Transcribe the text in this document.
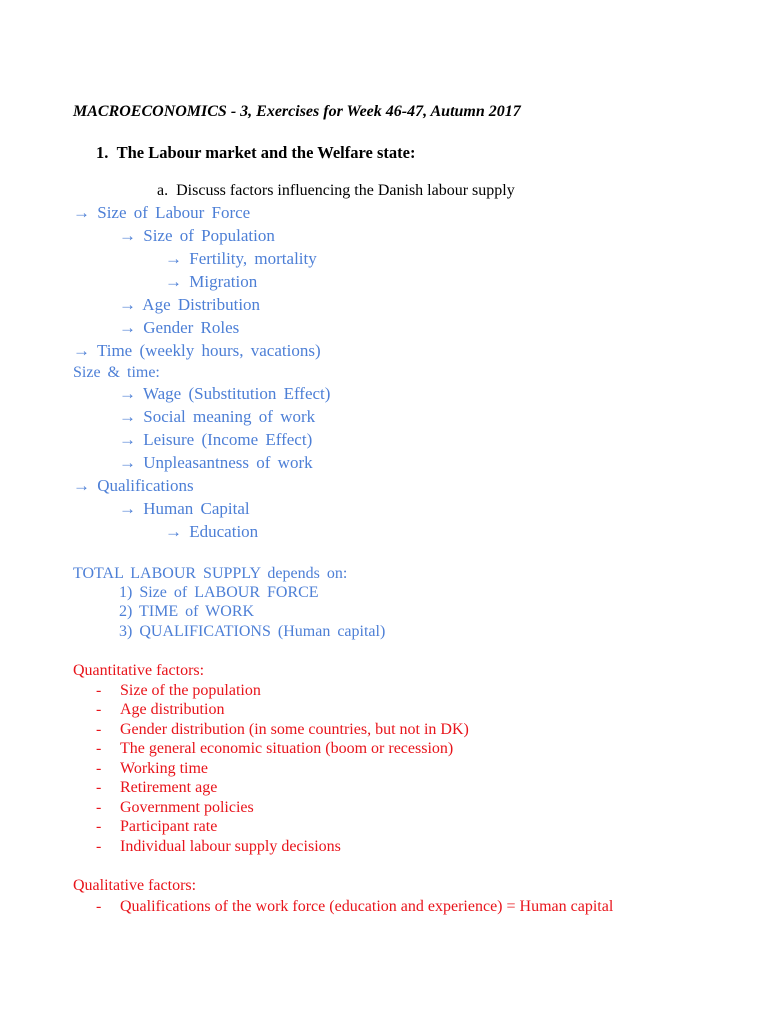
MACROECONOMICS - 3, Exercises for Week 46-47, Autumn 2017
1. The Labour market and the Welfare state:
a. Discuss factors influencing the Danish labour supply
→ Size of Labour Force
→ Size of Population
→ Fertility, mortality
→ Migration
→ Age Distribution
→ Gender Roles
→ Time (weekly hours, vacations)
Size & time:
→ Wage (Substitution Effect)
→ Social meaning of work
→ Leisure (Income Effect)
→ Unpleasantness of work
→ Qualifications
→ Human Capital
→ Education
TOTAL LABOUR SUPPLY depends on:
1) Size of LABOUR FORCE
2) TIME of WORK
3) QUALIFICATIONS (Human capital)
Quantitative factors:
- Size of the population
- Age distribution
- Gender distribution (in some countries, but not in DK)
- The general economic situation (boom or recession)
- Working time
- Retirement age
- Government policies
- Participant rate
- Individual labour supply decisions
Qualitative factors:
- Qualifications of the work force (education and experience) = Human capital
